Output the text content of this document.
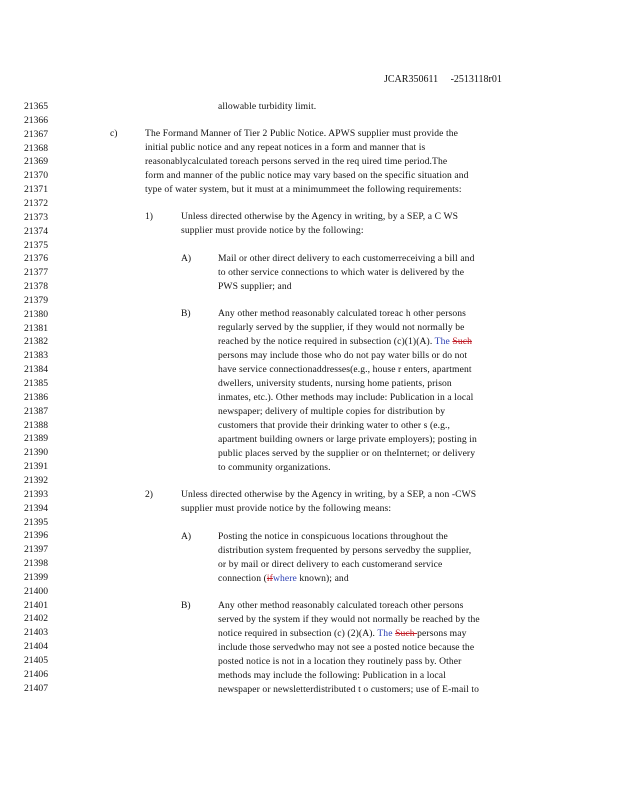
JCAR350611 -2513118r01
21365
21366
21367
21368
21369
21370
21371
21372
21373
21374
21375
21376
21377
21378
21379
21380
21381
21382
21383
21384
21385
21386
21387
21388
21389
21390
21391
21392
21393
21394
21395
21396
21397
21398
21399
21400
21401
21402
21403
21404
21405
21406
21407
c)
1)
A)
B)
2)
A)
B)
allowable turbidity limit.
The Formand Manner of Tier 2 Public Notice. APWS supplier must provide the
initial public notice and any repeat notices in a form and manner that is
reasonablycalculated toreach persons served in the req uired time period.The
form and manner of the public notice may vary based on the specific situation and
type of water system, but it must at a minimummeet the following requirements:
Unless directed otherwise by the Agency in writing, by a SEP, a C WS
supplier must provide notice by the following:
Mail or other direct delivery to each customerreceiving a bill and
to other service connections to which water is delivered by the
PWS supplier; and
Any other method reasonably calculated toreac h other persons
regularly served by the supplier, if they would not normally be
reached by the notice required in subsection (c)(1)(A). The Such
persons may include those who do not pay water bills or do not
have service connectionaddresses(e.g., house r enters, apartment
dwellers, university students, nursing home patients, prison
inmates, etc.). Other methods may include: Publication in a local
newspaper; delivery of multiple copies for distribution by
customers that provide their drinking water to other s (e.g.,
apartment building owners or large private employers); posting in
public places served by the supplier or on theInternet; or delivery
to community organizations.
Unless directed otherwise by the Agency in writing, by a SEP, a non -CWS
supplier must provide notice by the following means:
Posting the notice in conspicuous locations throughout the
distribution system frequented by persons servedby the supplier,
or by mail or direct delivery to each customerand service
connection (ifwhere known); and
Any other method reasonably calculated toreach other persons
served by the system if they would not normally be reached by the
notice required in subsection (c) (2)(A). The Such persons may
include those servedwho may not see a posted notice because the
posted notice is not in a location they routinely pass by. Other
methods may include the following: Publication in a local
newspaper or newsletterdistributed t o customers; use of E-mail to
